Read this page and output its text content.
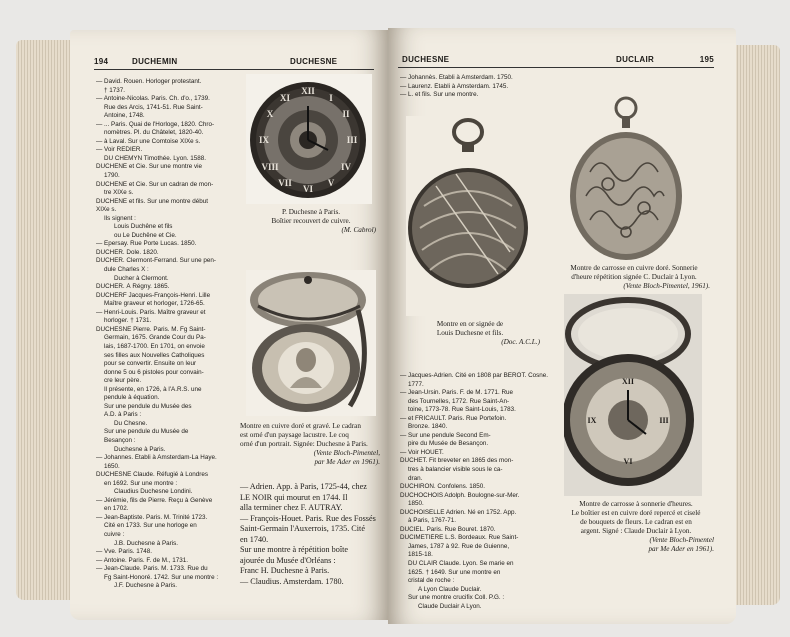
194	DUCHEMIN	DUCHESNE

— David. Rouen. Horloger protestant.

† 1737.

— Antoine-Nicolas. Paris. Ch. d'o., 1739.

Rue des Arcis, 1741-51. Rue Saint-

Antoine, 1748.

— ... Paris. Quai de l'Horloge, 1820. Chro-

nomètres. Pl. du Châtelet, 1820-40.

— à Laval. Sur une Comtoise XIXe s.

— Voir REDIER.

DU CHEMYN Timothée. Lyon. 1588.

DUCHENE et Cie. Sur une montre vie

1790.

DUCHENE et Cie. Sur un cadran de mon-

tre XIXe s.

DUCHENE et fils. Sur une montre début

XIXe s.

Ils signent :

Louis Duchêne et fils

ou Le Duchêne et Cie.

— Epersay. Rue Porte Lucas. 1850.

DUCHER. Dole. 1820.

DUCHER. Clermont-Ferrand. Sur une pen-

dule Charles X :

Ducher à Clermont.

DUCHER. À Régny. 1865.

DUCHERF Jacques-François-Henri. Lille

Maître graveur et horloger, 1726-65.

— Henri-Louis. Paris. Maître graveur et

horloger. † 1731.

DUCHESNE Pierre. Paris. M. Fg Saint-

Germain, 1675. Grande Cour du Pa-

lais, 1687-1700. En 1701, on envoie

ses filles aux Nouvelles Catholiques

pour se convertir. Ensuite on leur

donne 5 ou 6 pistoles pour convain-

cre leur père.

Il présente, en 1726, à l'A.R.S. une

pendule à équation.

Sur une pendule du Musée des

A.D. à Paris :

Du Chesne.

Sur une pendule du Musée de

Besançon :

Duchesne à Paris.

— Johannes. Établi à Amsterdam-La Haye.

1650.

DUCHESNE Claude. Réfugié à Londres

en 1692. Sur une montre :

Claudius Duchesne Londini.

— Jérémie, fils de Pierre. Reçu à Genève

en 1702.

— Jean-Baptiste. Paris. M. Trinité 1723.

Cité en 1733. Sur une horloge en

cuivre :

J.B. Duchesne à Paris.

— Vve. Paris. 1748.

— Antoine. Paris. F. de M., 1731.

— Jean-Claude. Paris. M. 1733. Rue du

Fg Saint-Honoré. 1742. Sur une montre :

J.F. Duchesne à Paris.

XII
III
VI
IX
I
II
IV
V
VII
VIII
X
XI

P. Duchesne à Paris.

Boîtier recouvert de cuivre.

(M. Cabrol)

Montre en cuivre doré et gravé. Le cadran

est orné d'un paysage lacustre. Le coq

orné d'un portrait. Signée: Duchesne à Paris.

(Vente Bloch-Pimentel,

par Me Ader en 1961).

— Adrien. App. à Paris, 1725-44, chez

LE NOIR qui mourut en 1744. Il

alla terminer chez F. AUTRAY.

— François-Houet. Paris. Rue des Fossés

Saint-Germain l'Auxerrois, 1735. Cité

en 1740.

Sur une montre à répétition boîte

ajourée du Musée d'Orléans :

Franc H. Duchesne à Paris.

— Claudius. Amsterdam. 1780.

DUCHESNE	DUCLAIR	195

— Johannès. Établi à Amsterdam. 1750.

— Laurenz. Établi à Amsterdam. 1745.

— L. et fils. Sur une montre.

Montre en or signée de

Louis Duchesne et fils.

(Doc. A.C.L.)

— Jacques-Adrien. Cité en 1808 par BEROT. Cosne.

1777.

— Jean-Ursin. Paris. F. de M. 1771. Rue

des Tournelles, 1772. Rue Saint-An-

toine, 1773-78. Rue Saint-Louis, 1783.

— et FRICAULT. Paris. Rue Portefoin.

Bronze. 1840.

— Sur une pendule Second Em-

pire du Musée de Besançon.

— Voir HOUET.

DUCHET. Fit breveter en 1865 des mon-

tres à balancier visible sous le ca-

dran.

DUCHIRON. Confolens. 1850.

DUCHOCHOIS Adolph. Boulogne-sur-Mer.

1850.

DUCHOISELLE Adrien. Né en 1752. App.

à Paris, 1767-71.

DUCIEL. Paris. Rue Bouret. 1870.

DUCIMETIÈRE L.S. Bordeaux. Rue Saint-

James, 1787 à 92. Rue de Guienne,

1815-18.

DU CLAIR Claude. Lyon. Se marie en

1625. † 1649. Sur une montre en

cristal de roche :

A Lyon Claude Duclair.

Sur une montre crucifix Coll. P.G. :

Claude Duclair A Lyon.

Montre de carrosse en cuivre doré. Sonnerie

d'heure répétition signée C. Duclair à Lyon.

(Vente Bloch-Pimentel, 1961).

XII
III
VI
IX

Montre de carrosse à sonnerie d'heures.

Le boîtier est en cuivre doré repercé et ciselé

de bouquets de fleurs. Le cadran est en

argent. Signé : Claude Duclair à Lyon.

(Vente Bloch-Pimentel

par Me Ader en 1961).
